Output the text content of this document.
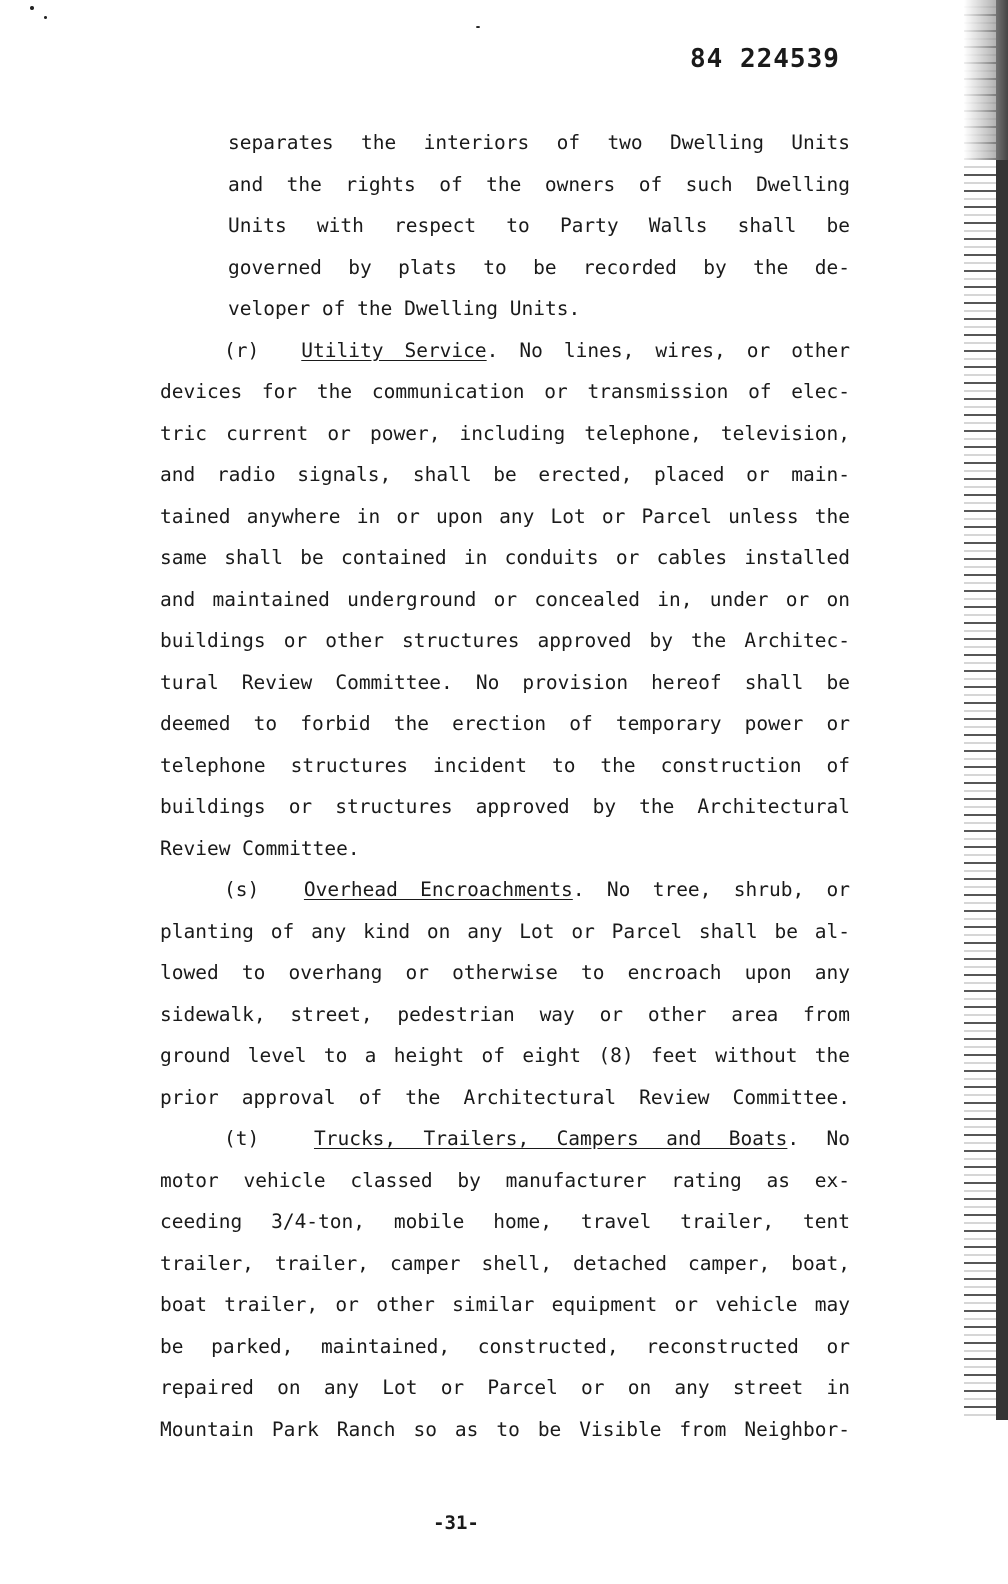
84 224539
separates the interiors of two Dwelling Units
and the rights of the owners of such Dwelling
Units with respect to Party Walls shall be
governed by plats to be recorded by the de-
veloper of the Dwelling Units.
(r) Utility Service. No lines, wires, or other
devices for the communication or transmission of elec-
tric current or power, including telephone, television,
and radio signals, shall be erected, placed or main-
tained anywhere in or upon any Lot or Parcel unless the
same shall be contained in conduits or cables installed
and maintained underground or concealed in, under or on
buildings or other structures approved by the Architec-
tural Review Committee. No provision hereof shall be
deemed to forbid the erection of temporary power or
telephone structures incident to the construction of
buildings or structures approved by the Architectural
Review Committee.
(s) Overhead Encroachments. No tree, shrub, or
planting of any kind on any Lot or Parcel shall be al-
lowed to overhang or otherwise to encroach upon any
sidewalk, street, pedestrian way or other area from
ground level to a height of eight (8) feet without the
prior approval of the Architectural Review Committee.
(t)	Trucks, Trailers, Campers and Boats. No
motor vehicle classed by manufacturer rating as ex-
ceeding 3/4-ton, mobile home, travel trailer, tent
trailer, trailer, camper shell, detached camper, boat,
boat trailer, or other similar equipment or vehicle may
be parked, maintained, constructed, reconstructed or
repaired on any Lot or Parcel or on any street in
Mountain Park Ranch so as to be Visible from Neighbor-
-31-
